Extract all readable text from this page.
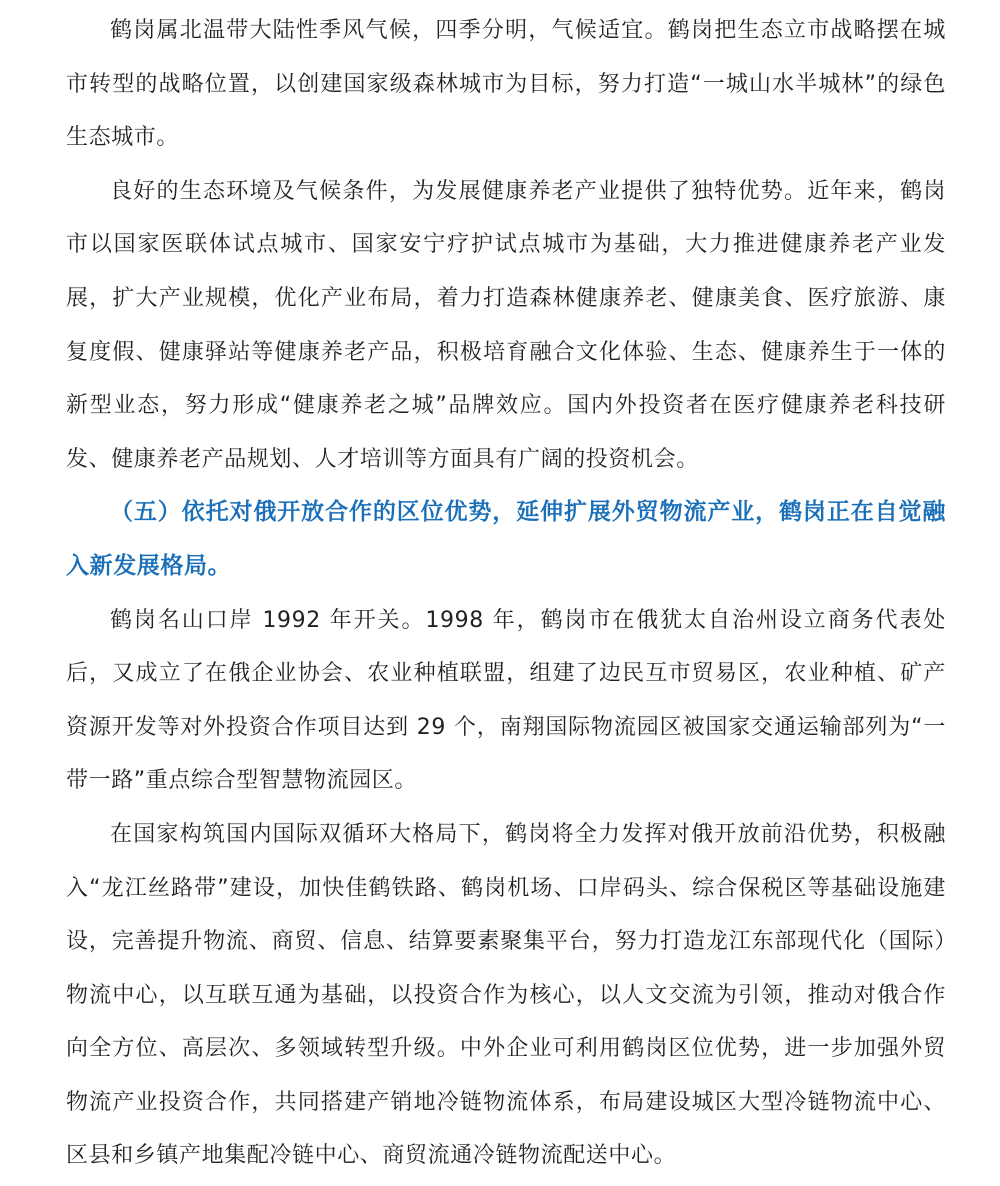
鹤岗属北温带大陆性季风气候，四季分明，气候适宜。鹤岗把生态立市战略摆在城市转型的战略位置，以创建国家级森林城市为目标，努力打造“一城山水半城林”的绿色生态城市。

良好的生态环境及气候条件，为发展健康养老产业提供了独特优势。近年来，鹤岗市以国家医联体试点城市、国家安宁疗护试点城市为基础，大力推进健康养老产业发展，扩大产业规模，优化产业布局，着力打造森林健康养老、健康美食、医疗旅游、康复度假、健康驿站等健康养老产品，积极培育融合文化体验、生态、健康养生于一体的新型业态，努力形成“健康养老之城”品牌效应。国内外投资者在医疗健康养老科技研发、健康养老产品规划、人才培训等方面具有广阔的投资机会。

（五）依托对俄开放合作的区位优势，延伸扩展外贸物流产业，鹤岗正在自觉融入新发展格局。

鹤岗名山口岸 1992 年开关。1998 年，鹤岗市在俄犹太自治州设立商务代表处后，又成立了在俄企业协会、农业种植联盟，组建了边民互市贸易区，农业种植、矿产资源开发等对外投资合作项目达到 29 个，南翔国际物流园区被国家交通运输部列为“一带一路”重点综合型智慧物流园区。

在国家构筑国内国际双循环大格局下，鹤岗将全力发挥对俄开放前沿优势，积极融入“龙江丝路带”建设，加快佳鹤铁路、鹤岗机场、口岸码头、综合保税区等基础设施建设，完善提升物流、商贸、信息、结算要素聚集平台，努力打造龙江东部现代化（国际）物流中心，以互联互通为基础，以投资合作为核心，以人文交流为引领，推动对俄合作向全方位、高层次、多领域转型升级。中外企业可利用鹤岗区位优势，进一步加强外贸物流产业投资合作，共同搭建产销地冷链物流体系，布局建设城区大型冷链物流中心、区县和乡镇产地集配冷链中心、商贸流通冷链物流配送中心。
